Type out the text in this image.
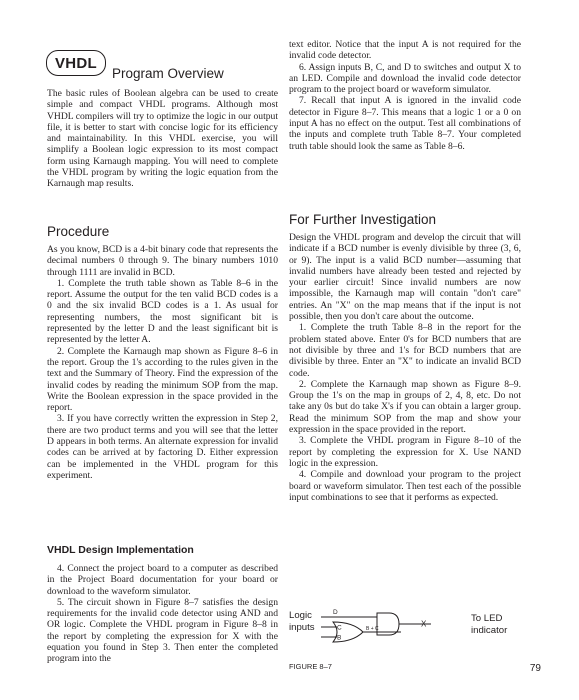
VHDL
Program Overview

The basic rules of Boolean algebra can be used to create simple and compact VHDL programs. Although most VHDL compilers will try to optimize the logic in our output file, it is better to start with concise logic for its efficiency and maintainability. In this VHDL exercise, you will simplify a Boolean logic expression to its most compact form using Karnaugh mapping. You will need to complete the VHDL program by writing the logic equation from the Karnaugh map results.

Procedure

As you know, BCD is a 4-bit binary code that represents the decimal numbers 0 through 9. The binary numbers 1010 through 1111 are invalid in BCD.

1. Complete the truth table shown as Table 8–6 in the report. Assume the output for the ten valid BCD codes is a 0 and the six invalid BCD codes is a 1. As usual for representing numbers, the most significant bit is represented by the letter D and the least significant bit is represented by the letter A.

2. Complete the Karnaugh map shown as Figure 8–6 in the report. Group the 1's according to the rules given in the text and the Summary of Theory. Find the expression of the invalid codes by reading the minimum SOP from the map. Write the Boolean expression in the space provided in the report.

3. If you have correctly written the expression in Step 2, there are two product terms and you will see that the letter D appears in both terms. An alternate expression for invalid codes can be arrived at by factoring D. Either expression can be implemented in the VHDL program for this experiment.

VHDL Design Implementation

4. Connect the project board to a computer as described in the Project Board documentation for your board or download to the waveform simulator.

5. The circuit shown in Figure 8–7 satisfies the design requirements for the invalid code detector using AND and OR logic. Complete the VHDL program in Figure 8–8 in the report by completing the expression for X with the equation you found in Step 3. Then enter the completed program into the

text editor. Notice that the input A is not required for the invalid code detector.

6. Assign inputs B, C, and D to switches and output X to an LED. Compile and download the invalid code detector program to the project board or waveform simulator.

7. Recall that input A is ignored in the invalid code detector in Figure 8–7. This means that a logic 1 or a 0 on input A has no effect on the output. Test all combinations of the inputs and complete truth Table 8–7. Your completed truth table should look the same as Table 8–6.

For Further Investigation

Design the VHDL program and develop the circuit that will indicate if a BCD number is evenly divisible by three (3, 6, or 9). The input is a valid BCD number—assuming that invalid numbers have already been tested and rejected by your earlier circuit! Since invalid numbers are now impossible, the Karnaugh map will contain "don't care" entries. An "X" on the map means that if the input is not possible, then you don't care about the outcome.

1. Complete the truth Table 8–8 in the report for the problem stated above. Enter 0's for BCD numbers that are not divisible by three and 1's for BCD numbers that are divisible by three. Enter an "X" to indicate an invalid BCD code.

2. Complete the Karnaugh map shown as Figure 8–9. Group the 1's on the map in groups of 2, 4, 8, etc. Do not take any 0s but do take X's if you can obtain a larger group. Read the minimum SOP from the map and show your expression in the space provided in the report.

3. Complete the VHDL program in Figure 8–10 of the report by completing the expression for X. Use NAND logic in the expression.

4. Compile and download your program to the project board or waveform simulator. Then test each of the possible input combinations to see that it performs as expected.

Logic
inputs
D
C
B
B + C
X	To LED
indicator
FIGURE 8–7	79
